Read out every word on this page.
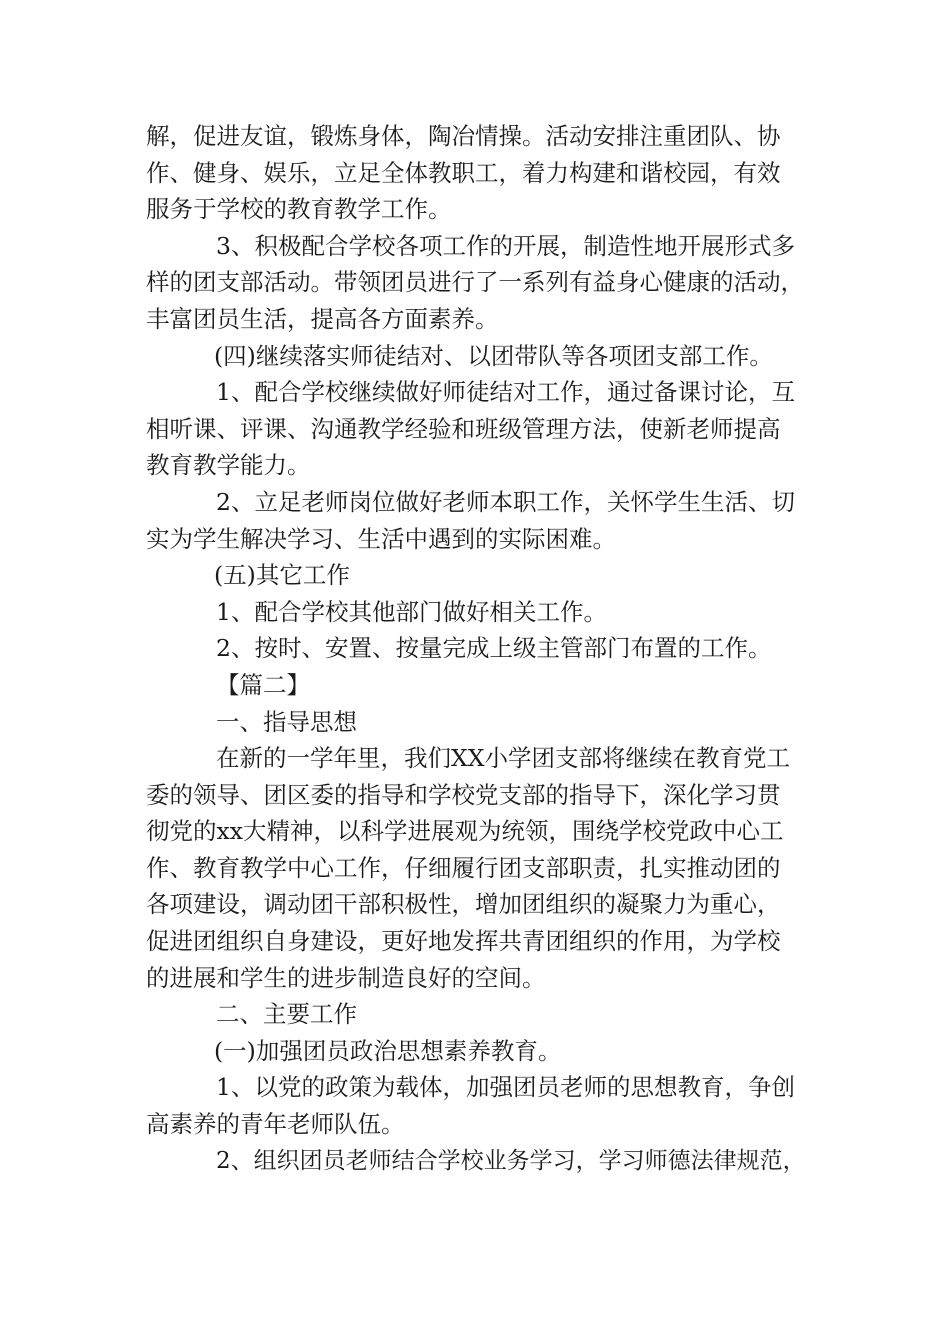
解，促进友谊，锻炼身体，陶冶情操。活动安排注重团队、协

作、健身、娱乐，立足全体教职工，着力构建和谐校园，有效

服务于学校的教育教学工作。

3、积极配合学校各项工作的开展，制造性地开展形式多

样的团支部活动。带领团员进行了一系列有益身心健康的活动，

丰富团员生活，提高各方面素养。

(四)继续落实师徒结对、以团带队等各项团支部工作。

1、配合学校继续做好师徒结对工作，通过备课讨论，互

相听课、评课、沟通教学经验和班级管理方法，使新老师提高

教育教学能力。

2、立足老师岗位做好老师本职工作，关怀学生生活、切

实为学生解决学习、生活中遇到的实际困难。

(五)其它工作

1、配合学校其他部门做好相关工作。

2、按时、安置、按量完成上级主管部门布置的工作。

【篇二】

一、指导思想

在新的一学年里，我们XX小学团支部将继续在教育党工

委的领导、团区委的指导和学校党支部的指导下，深化学习贯

彻党的xx大精神，以科学进展观为统领，围绕学校党政中心工

作、教育教学中心工作，仔细履行团支部职责，扎实推动团的

各项建设，调动团干部积极性，增加团组织的凝聚力为重心，

促进团组织自身建设，更好地发挥共青团组织的作用，为学校

的进展和学生的进步制造良好的空间。

二、主要工作

(一)加强团员政治思想素养教育。

1、以党的政策为载体，加强团员老师的思想教育，争创

高素养的青年老师队伍。

2、组织团员老师结合学校业务学习，学习师德法律规范，
